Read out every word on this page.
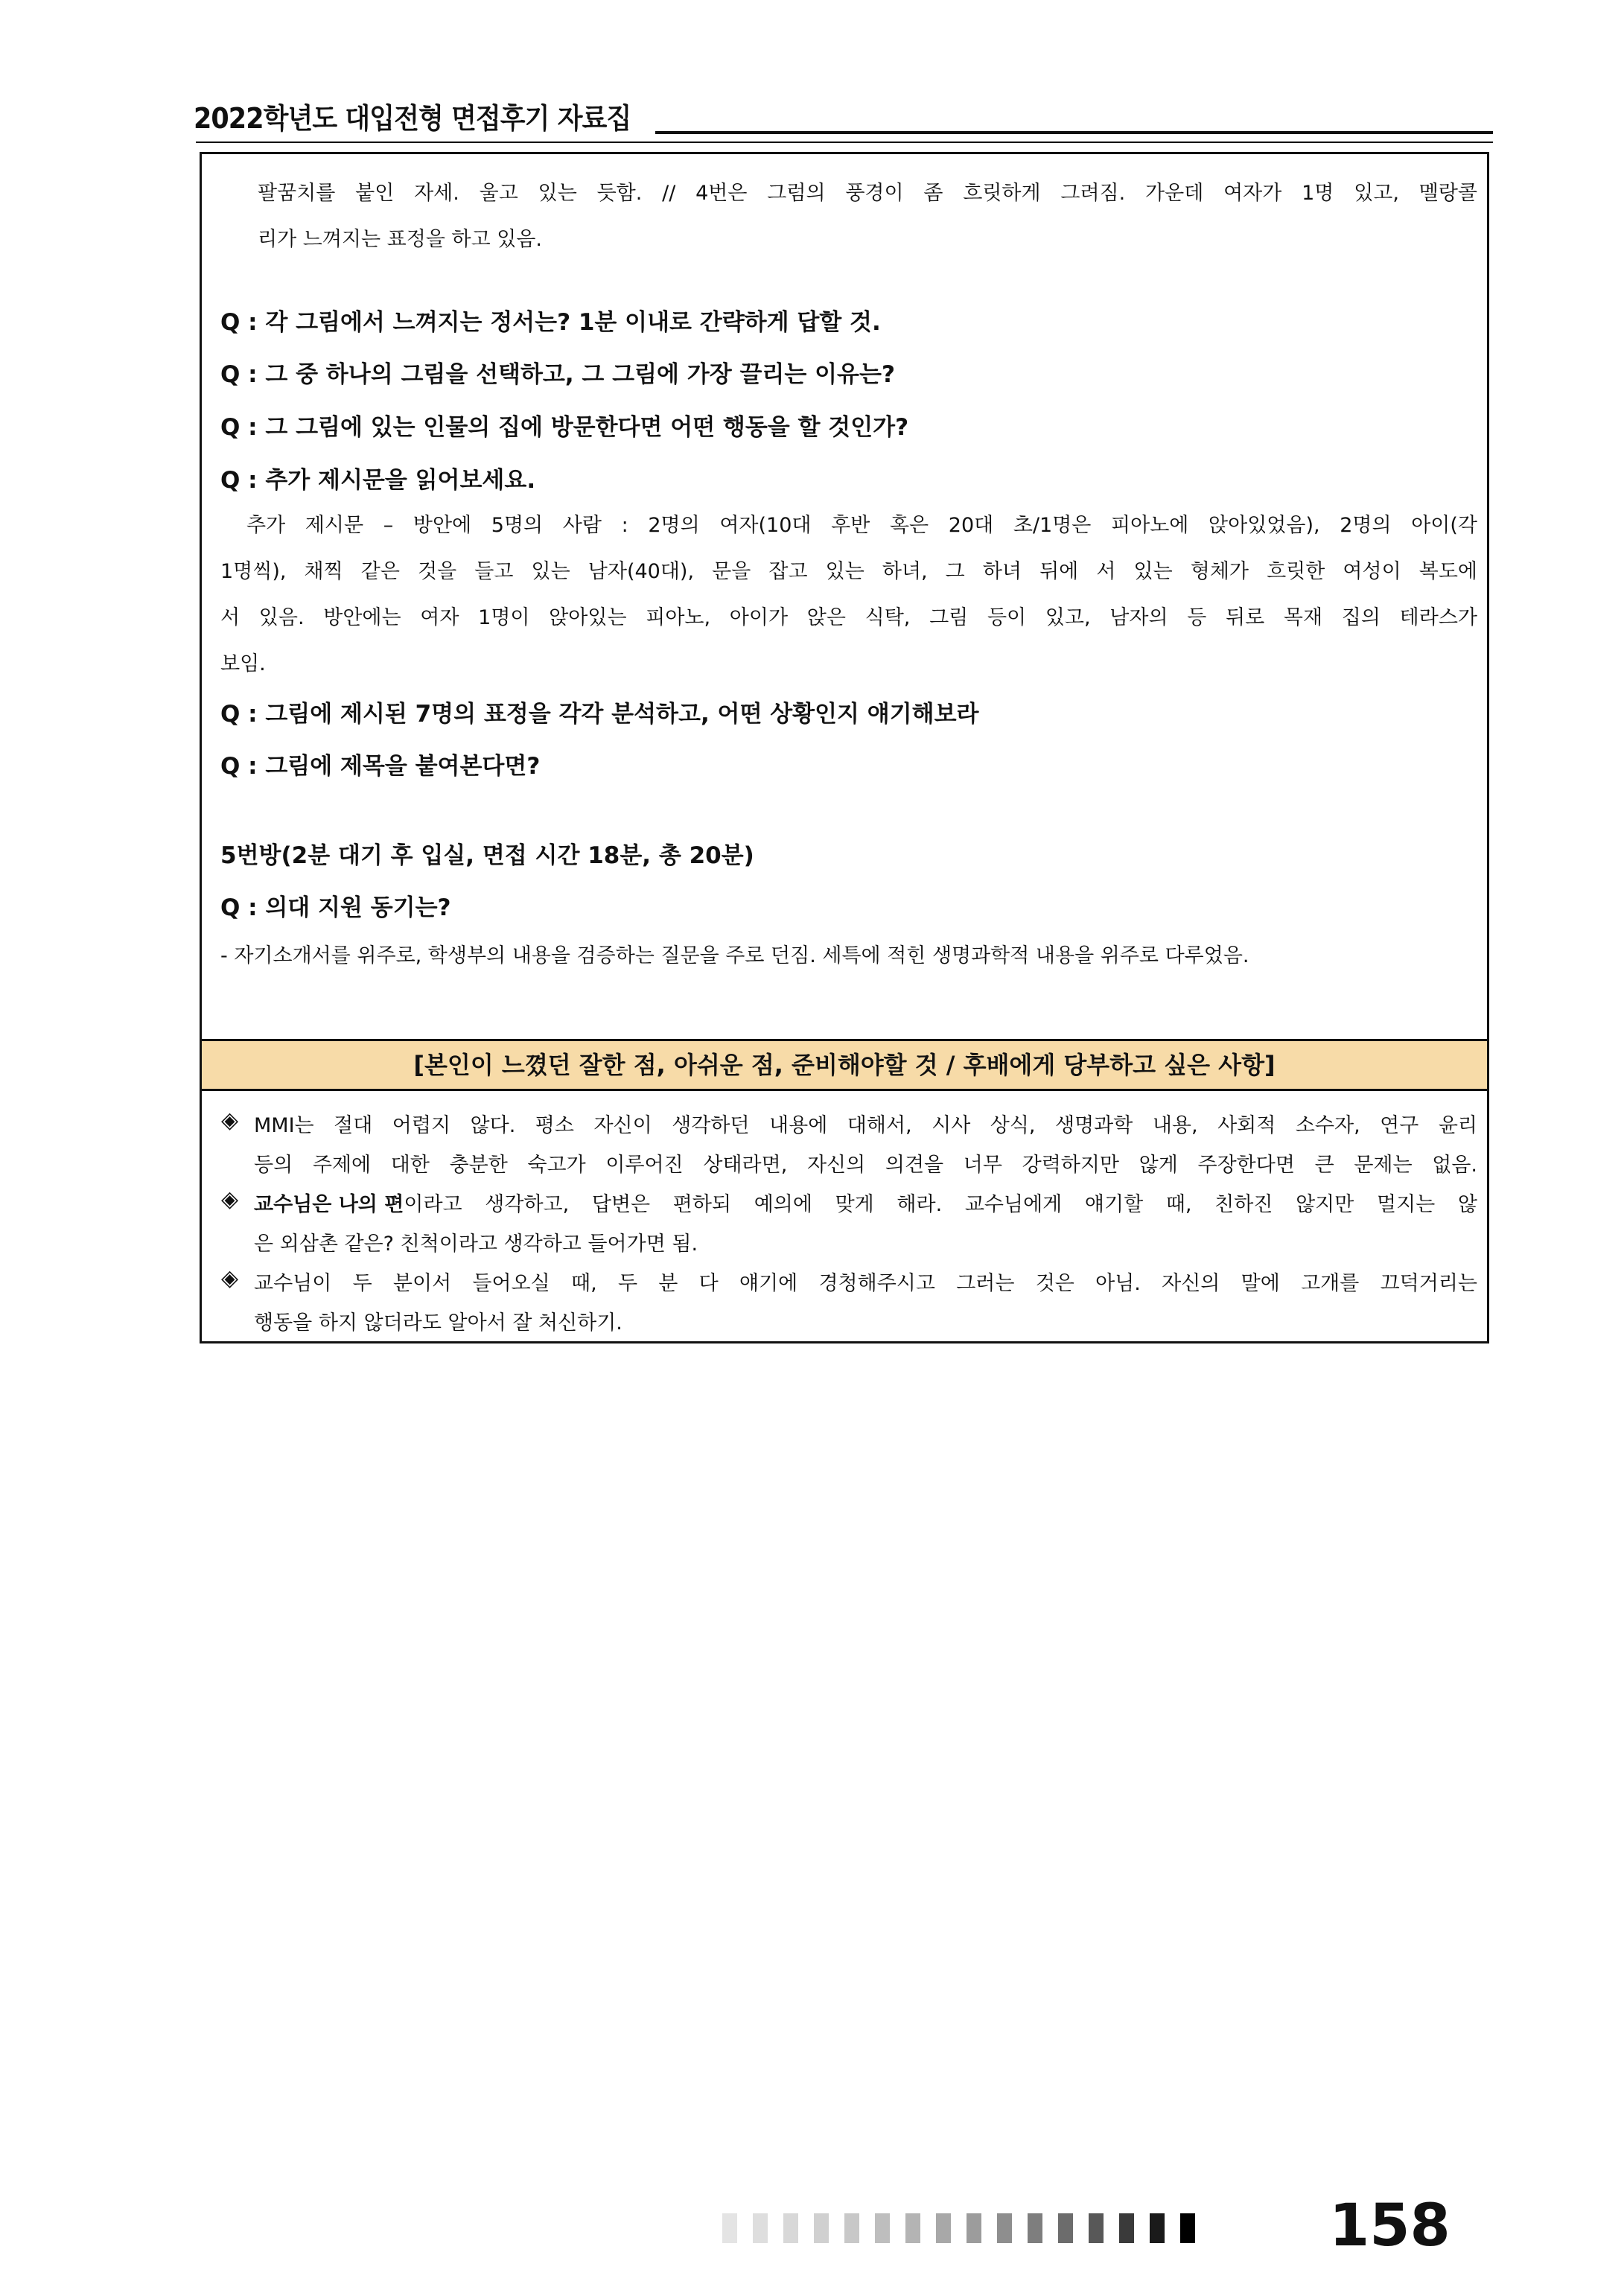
2022학년도 대입전형 면접후기 자료집
팔꿈치를 붙인 자세. 울고 있는 듯함. // 4번은 그럼의 풍경이 좀 흐릿하게 그려짐. 가운데 여자가 1명 있고, 멜랑콜
리가 느껴지는 표정을 하고 있음.
Q : 각 그림에서 느껴지는 정서는? 1분 이내로 간략하게 답할 것.
Q : 그 중 하나의 그림을 선택하고, 그 그림에 가장 끌리는 이유는?
Q : 그 그림에 있는 인물의 집에 방문한다면 어떤 행동을 할 것인가?
Q : 추가 제시문을 읽어보세요.
추가 제시문 – 방안에 5명의 사람 : 2명의 여자(10대 후반 혹은 20대 초/1명은 피아노에 앉아있었음), 2명의 아이(각
1명씩), 채찍 같은 것을 들고 있는 남자(40대), 문을 잡고 있는 하녀, 그 하녀 뒤에 서 있는 형체가 흐릿한 여성이 복도에
서 있음. 방안에는 여자 1명이 앉아있는 피아노, 아이가 앉은 식탁, 그림 등이 있고, 남자의 등 뒤로 목재 집의 테라스가
보임.
Q : 그림에 제시된 7명의 표정을 각각 분석하고, 어떤 상황인지 얘기해보라
Q : 그림에 제목을 붙여본다면?
5번방(2분 대기 후 입실, 면접 시간 18분, 총 20분)
Q : 의대 지원 동기는?
- 자기소개서를 위주로, 학생부의 내용을 검증하는 질문을 주로 던짐. 세특에 적힌 생명과학적 내용을 위주로 다루었음.
[본인이 느꼈던 잘한 점, 아쉬운 점, 준비해야할 것 / 후배에게 당부하고 싶은 사항]
◈ MMI는 절대 어렵지 않다. 평소 자신이 생각하던 내용에 대해서, 시사 상식, 생명과학 내용, 사회적 소수자, 연구 윤리
등의 주제에 대한 충분한 숙고가 이루어진 상태라면, 자신의 의견을 너무 강력하지만 않게 주장한다면 큰 문제는 없음.
◈ 교수님은 나의 편 이라고 생각하고, 답변은 편하되 예의에 맞게 해라. 교수님에게 얘기할 때, 친하진 않지만 멀지는 않
은 외삼촌 같은? 친척이라고 생각하고 들어가면 됨.
◈ 교수님이 두 분이서 들어오실 때, 두 분 다 얘기에 경청해주시고 그러는 것은 아님. 자신의 말에 고개를 끄덕거리는
행동을 하지 않더라도 알아서 잘 처신하기.
158
